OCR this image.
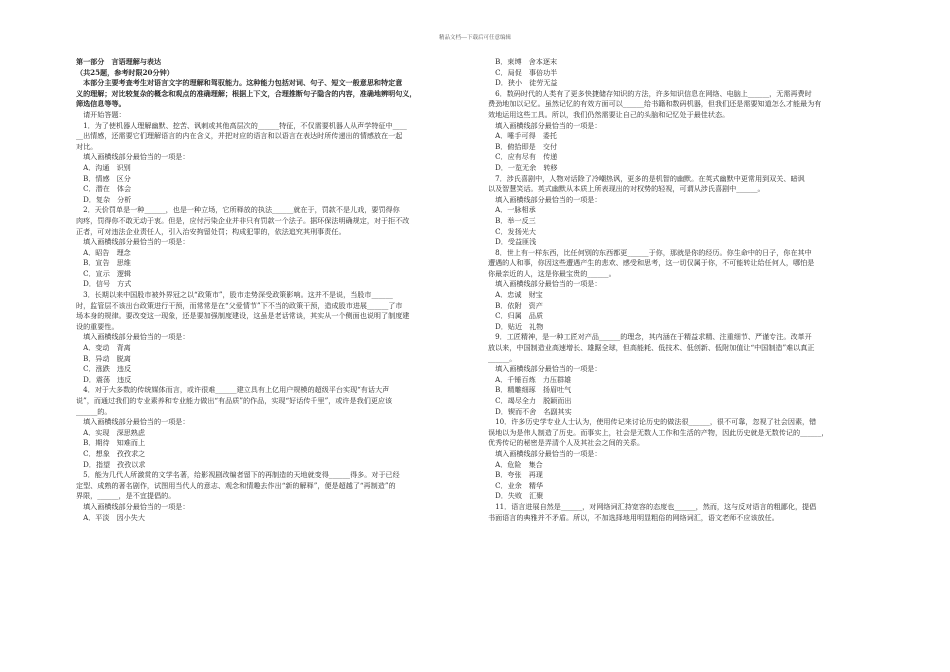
精品文档---下载后可任意编辑
第一部分　言语理解与表达
（共25题，参考时限20分钟）
　本部分主要考查考生对语言文字的理解和驾驭能力。这种能力包括对词、句子、短文一般意思和特定意
义的理解；对比较复杂的概念和观点的准确理解；根据上下文，合理推断句子隐含的内容，准确地辨明句义，
筛选信息等等。
　请开始答题：
　1．为了使机器人理解幽默、挖苦、讽刺或其他高层次的______特征，不仅需要机器人从声学特征中____
__出情感，还需要它们理解语言的内在含义，并把对应的语言和以语言在表达时所传递出的情感放在一起
对比。
　填入画横线部分最恰当的一项是：
　A．沟通　识别
　B．情感　区分
　C．潜在　体会
　D．复杂　分析
　2．天价罚单是一种______，也是一种立场，它所释放的执法______就在于，罚款不是儿戏，要罚得你
肉疼，罚得你不敢无动于衷。但是，应付污染企业并非只有罚款一个法子。据环保法明确规定，对于拒不改
正者，可对违法企业责任人，引入治安拘留处罚；构成犯罪的，依法追究其刑事责任。
　填入画横线部分最恰当的一项是：
　A．昭告　理念
　B．宣告　思维
　C．宣示　逻辑
　D．信号　方式
　3．长期以来中国股市被外界冠之以“政策市”，股市走势深受政策影响。这并不是说，当股市______
时，监管层不该出台政策进行干预，而常常是在“父爱情节”下不当的政策干预，造成股市进展______了市
场本身的规律。要改变这一现象，还是要加强制度建设，这虽是老话常谈，其实从一个侧面也说明了制度建
设的重要性。
　填入画横线部分最恰当的一项是：
　A．变动　背离
　B．异动　脱离
　C．涨跌　违反
　D．震荡　违反
　4．对于大多数的传统媒体而言，或许很难______建立具有上亿用户规模的超级平台实现“有话大声
说”，而通过我们的专业素养和专业能力做出“有品质”的作品，实现“好话传千里”，或许是我们更应该
______的。
　填入画横线部分最恰当的一项是：
　A．实现　深思熟虑
　B．期待　知难而上
　C．想象　孜孜求之
　D．指望　孜孜以求
　5．能为几代人所激赏的文学名著，给影视剧改编者留下的再制造的天地就变得______得多。对于已经
定型、成熟的著名剧作，试图用当代人的意志、观念和情趣去作出“新的解释”，便是超越了“再制造”的
界限，______，是不宜提倡的。
　填入画横线部分最恰当的一项是：
　A．平淡　因小失大
　B．束缚　舍本逐末
　C．局促　事倍功半
　D．狭小　徒劳无益
　6．数码时代的人类有了更多快捷储存知识的方法，许多知识信息在网络、电脑上______，无需再费时
费劲地加以记忆。虽然记忆的有效方面可以______给书籍和数码机器，但我们还是需要知道怎么才能最为有
效地运用这些工具。所以，我们仍然需要让自己的头脑和记忆处于最佳状态。
　填入画横线部分最恰当的一项是：
　A．唾手可得　委托
　B．俯拾即是　交付
　C．应有尽有　传递
　D．一览无余　转移
　7．涉氏喜剧中，人物对话除了冷嘲热讽，更多的是机智的幽默。在英式幽默中更常用到双关、暗讽
以及智慧笑话。英式幽默从本质上所表现出的对权势的轻视，可谓从涉氏喜剧中______。
　填入画横线部分最恰当的一项是：
　A．一脉相承
　B．举一反三
　C．发扬光大
　D．受益匪浅
　8．世上有一样东西，比任何别的东西都更______于你，那就是你的经历。你生命中的日子，你在其中
遭遇的人和事，你因这些遭遇产生的悲欢、感受和思考，这一切仅属于你，不可能转让给任何人，哪怕是
你最亲近的人，这是你最宝贵的______。
　填入画横线部分最恰当的一项是：
　A．忠诚　财宝
　B．依附　资产
　C．归属　品质
　D．贴近　礼物
　9．工匠精神，是一种工匠对产品______的理念，其内涵在于精益求精、注重细节、严谨专注。改革开
放以来，中国制造业高速增长、雄踞全球，但高能耗、低技术、低创新、低附加值让“中国制造”难以真正
______。
　填入画横线部分最恰当的一项是：
　A．千锤百炼　力压群雄
　B．精雕细琢　扬眉吐气
　C．竭尽全力　脱颖而出
　D．锲而不舍　名副其实
　10．许多历史学专业人士认为，使用传记来讨论历史的做法很______，很不可靠，忽视了社会因素，错
误地以为是伟人制造了历史。而事实上，社会是无数人工作和生活的产物，因此历史就是无数传记的______，
优秀传记的秘密是弄清个人及其社会之间的关系。
　填入画横线部分最恰当的一项是：
　A．危险　集合
　B．夸张　再现
　C．业余　精华
　D．失败　汇聚
　11．语言进展自然是______，对网络词汇持宽容的态度也______，然而，这与反对语言的粗鄙化，提倡
书面语言的典雅并不矛盾。所以，不加选择地用明显粗俗的网络词汇，语文老师不应该放任。
